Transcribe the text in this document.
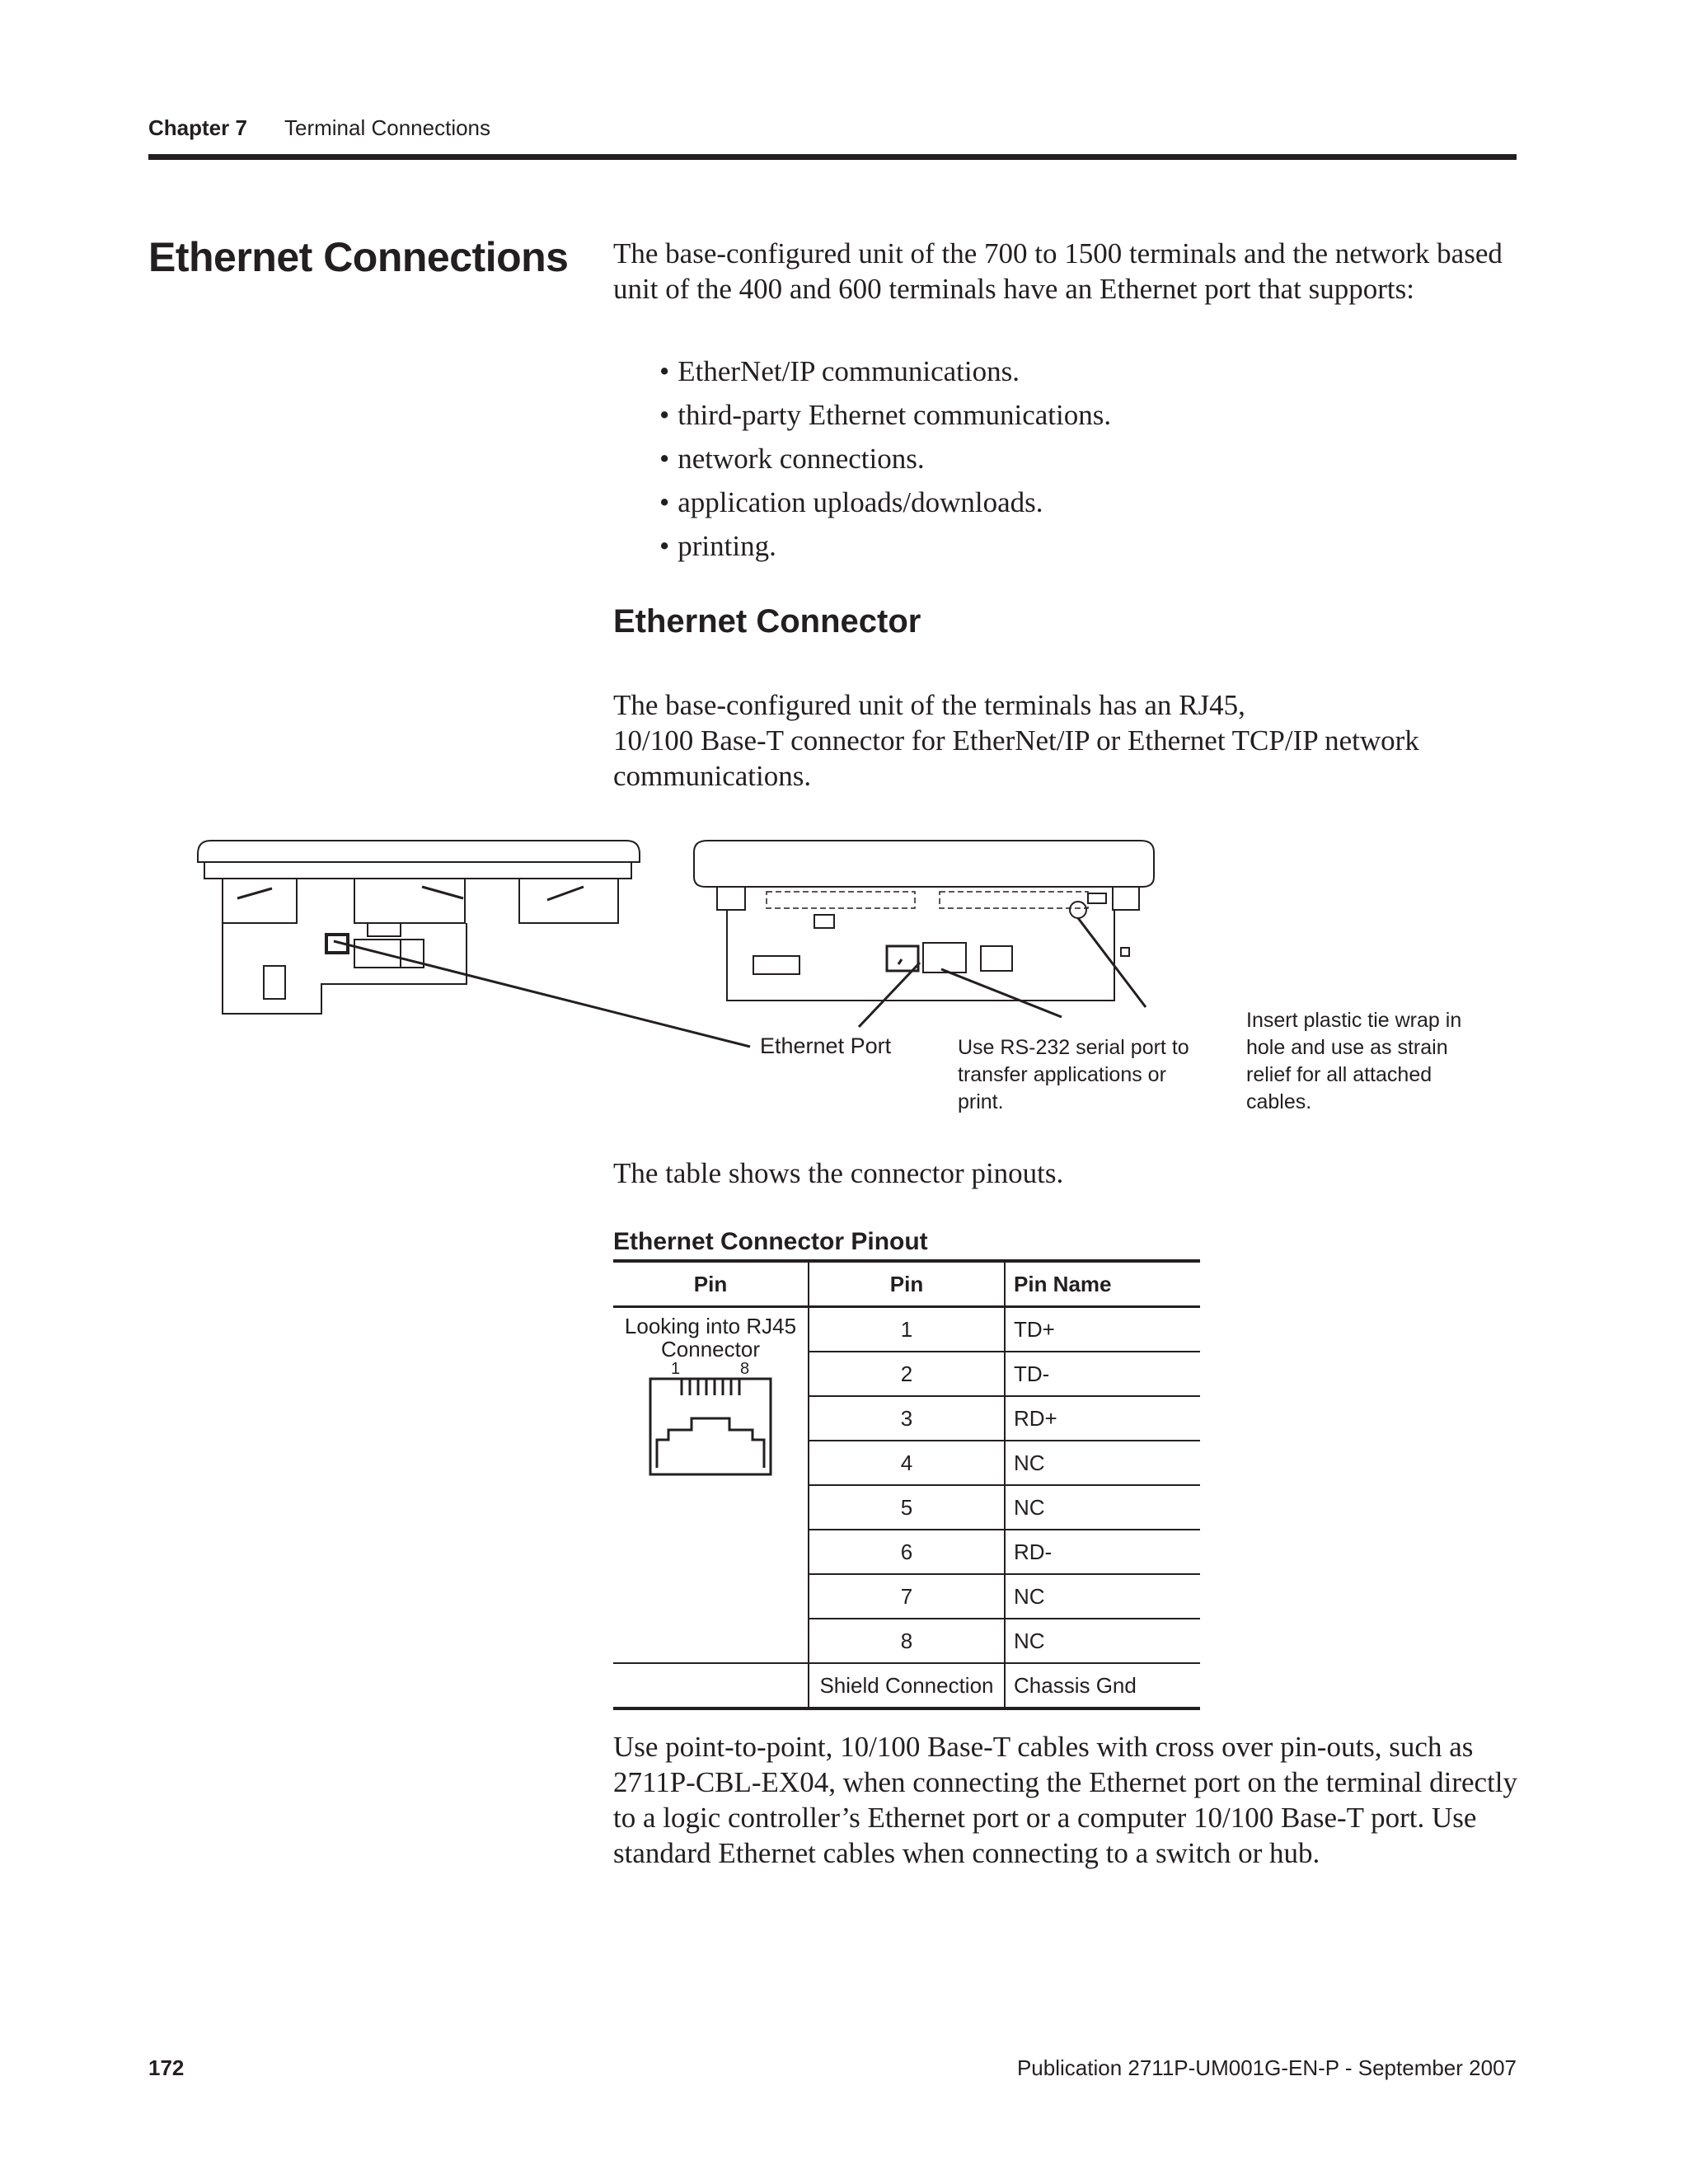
Chapter 7 Terminal Connections
Ethernet Connections The base-configured unit of the 700 to 1500 terminals and the network based unit of the 400 and 600 terminals have an Ethernet port that supports:
• EtherNet/IP communications.
• third-party Ethernet communications.
• network connections.
• application uploads/downloads.
• printing.
Ethernet Connector
The base-configured unit of the terminals has an RJ45,
10/100 Base-T connector for EtherNet/IP or Ethernet TCP/IP network communications.
Ethernet Port	Use RS-232 serial port to transfer applications or print.
Insert plastic tie wrap in hole and use as strain relief for all attached cables.
The table shows the connector pinouts.
Ethernet Connector Pinout
Pin	Pin	Pin Name

Looking into RJ45 Connector
1 8	1	TD+
	2	TD-
	3	RD+
	4	NC
	5	NC
	6	RD-
	7	NC
	8	NC
	Shield Connection	Chassis Gnd
Use point-to-point, 10/100 Base-T cables with cross over pin-outs, such as 2711P-CBL-EX04, when connecting the Ethernet port on the terminal directly to a logic controller’s Ethernet port or a computer 10/100 Base-T port. Use standard Ethernet cables when connecting to a switch or hub.
172	Publication 2711P-UM001G-EN-P - September 2007
